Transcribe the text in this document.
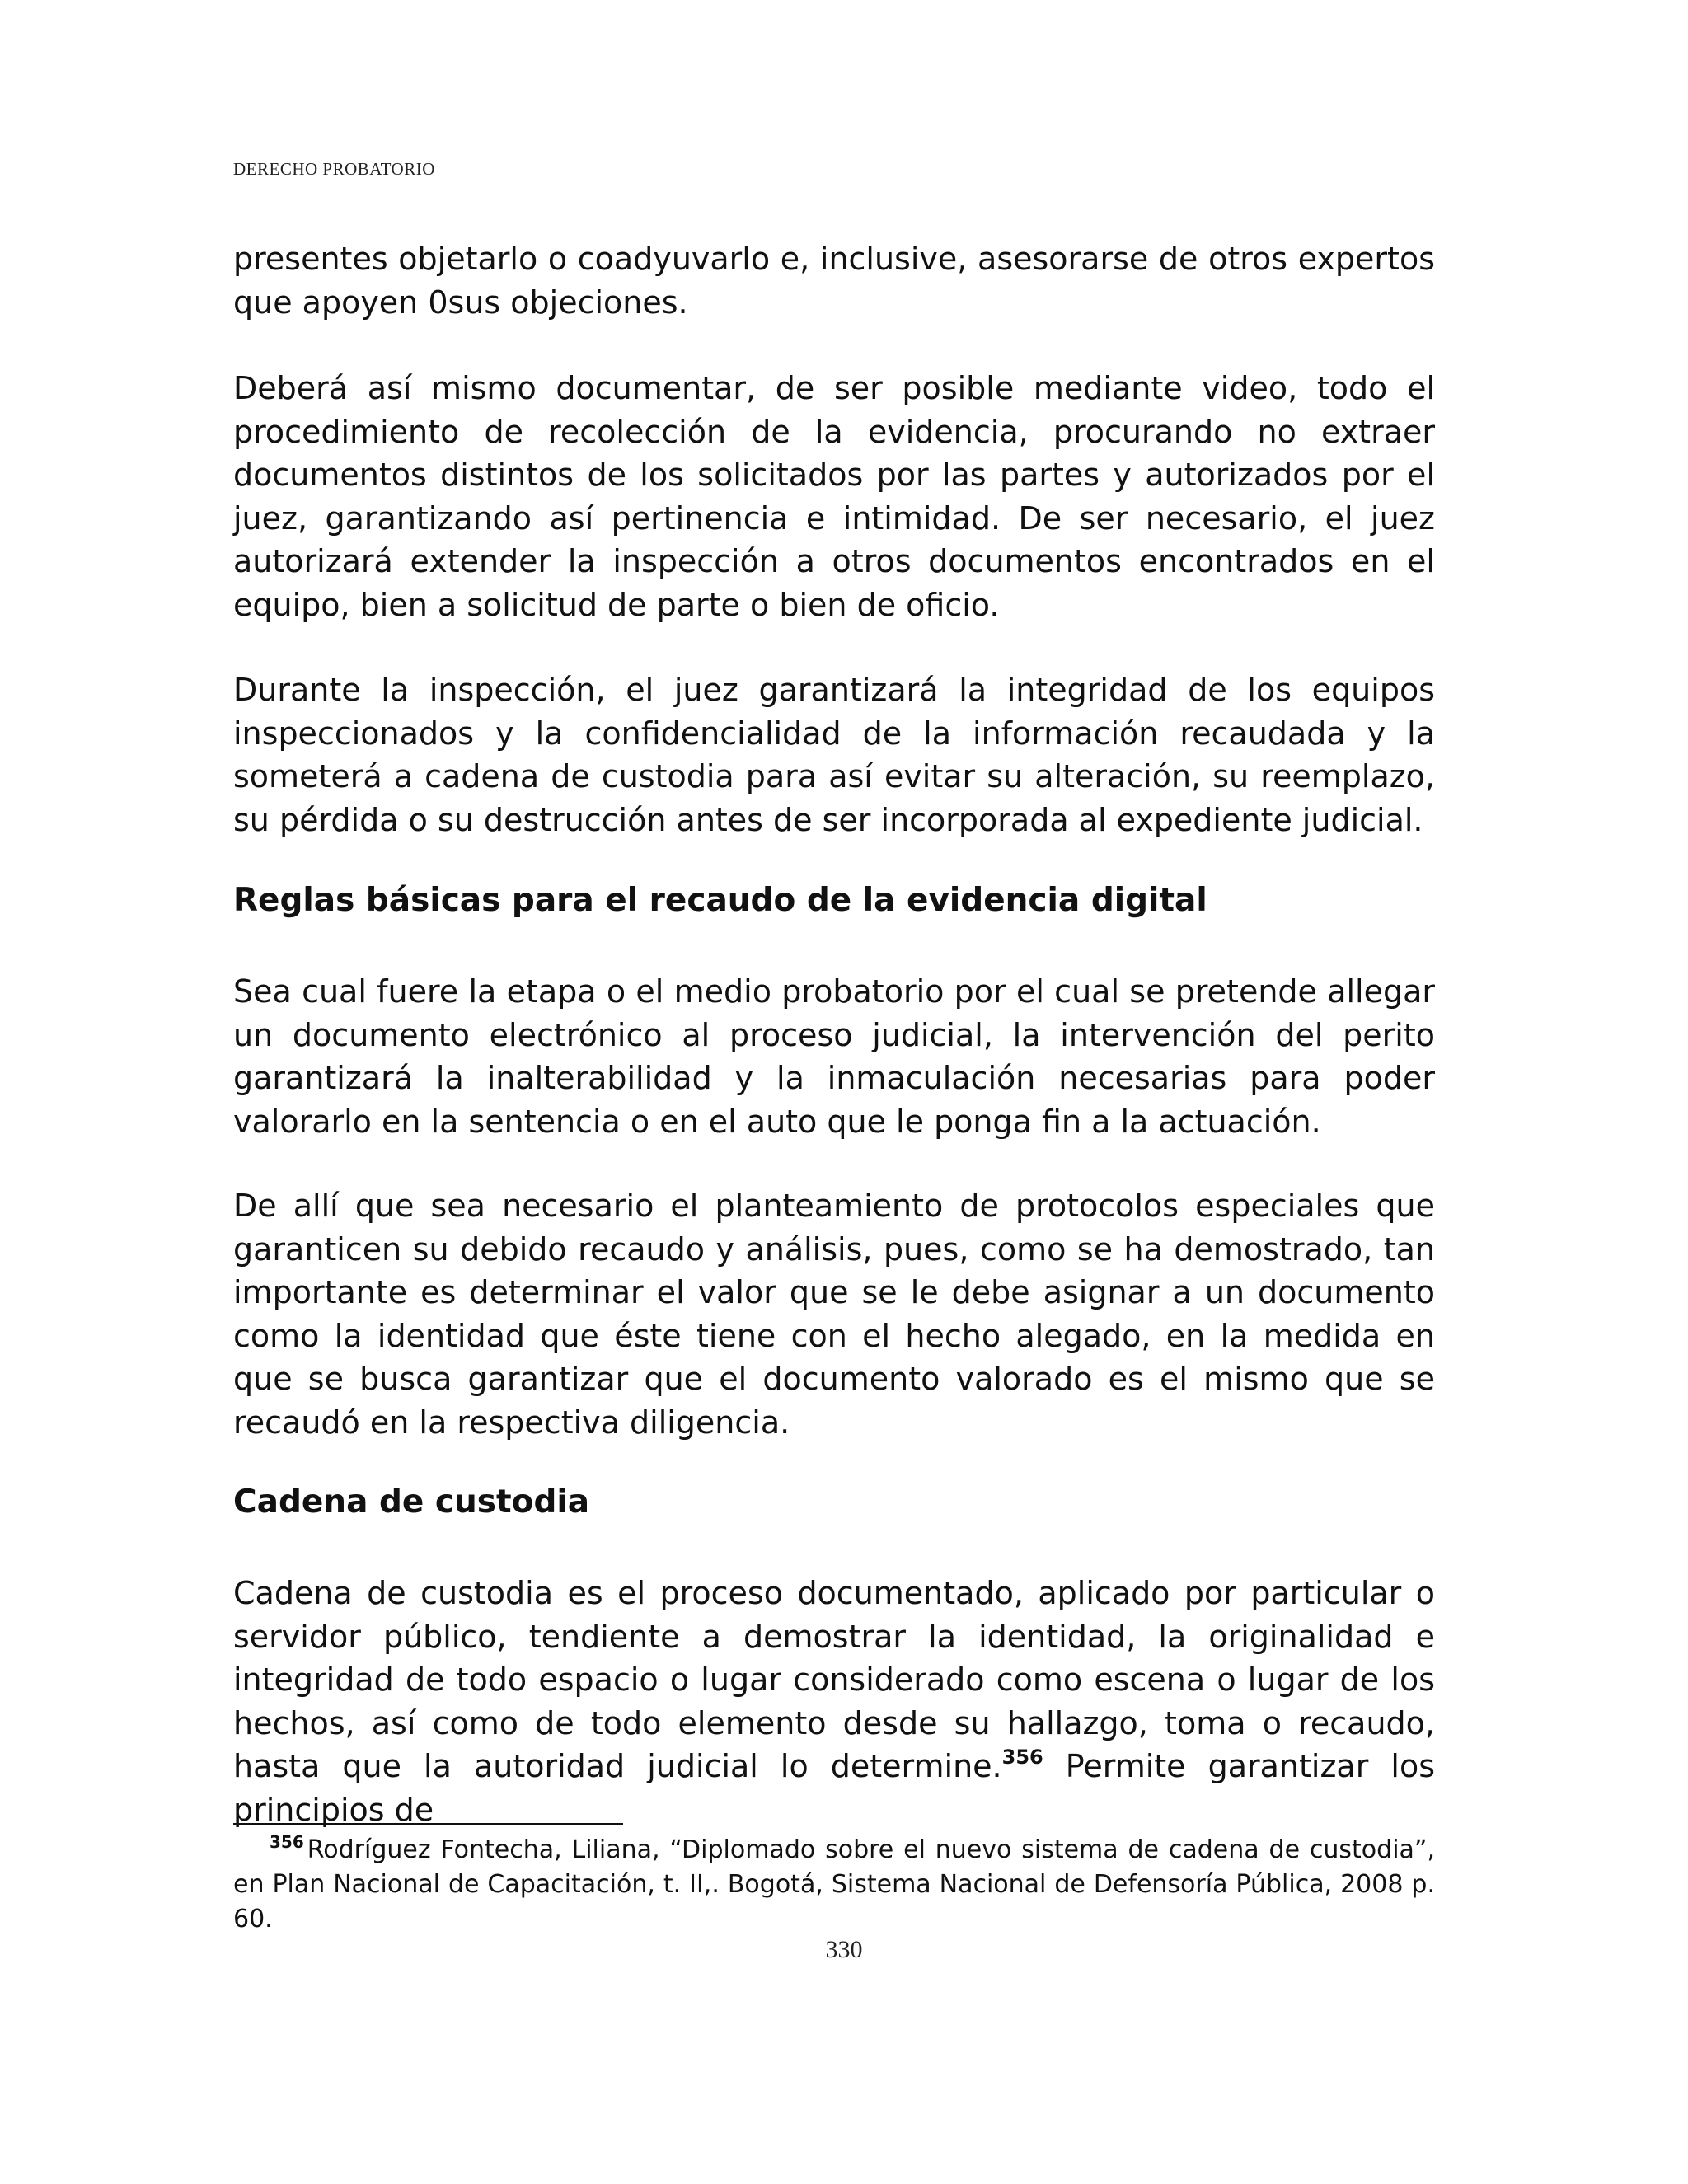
DERECHO PROBATORIO

presentes objetarlo o coadyuvarlo e, inclusive, asesorarse de otros expertos que apoyen 0sus objeciones.

Deberá así mismo documentar, de ser posible mediante video, todo el procedimiento de recolección de la evidencia, procurando no extraer documentos distintos de los solicitados por las partes y autorizados por el juez, garantizando así pertinencia e intimidad. De ser necesario, el juez autorizará extender la inspección a otros documentos encontrados en el equipo, bien a solicitud de parte o bien de oficio.

Durante la inspección, el juez garantizará la integridad de los equipos inspeccionados y la confidencialidad de la información recaudada y la someterá a cadena de custodia para así evitar su alteración, su reemplazo, su pérdida o su destrucción antes de ser incorporada al expediente judicial.

Reglas básicas para el recaudo de la evidencia digital

Sea cual fuere la etapa o el medio probatorio por el cual se pretende allegar un documento electrónico al proceso judicial, la intervención del perito garantizará la inalterabilidad y la inmaculación necesarias para poder valorarlo en la sentencia o en el auto que le ponga fin a la actuación.

De allí que sea necesario el planteamiento de protocolos especiales que garanticen su debido recaudo y análisis, pues, como se ha demostrado, tan importante es determinar el valor que se le debe asignar a un documento como la identidad que éste tiene con el hecho alegado, en la medida en que se busca garantizar que el documento valorado es el mismo que se recaudó en la respectiva diligencia.

Cadena de custodia

Cadena de custodia es el proceso documentado, aplicado por particular o servidor público, tendiente a demostrar la identidad, la originalidad e integridad de todo espacio o lugar considerado como escena o lugar de los hechos, así como de todo elemento desde su hallazgo, toma o recaudo, hasta que la autoridad judicial lo determine.$^{356}$ Permite garantizar los principios de

$^{356}$ Rodríguez Fontecha, Liliana, “Diplomado sobre el nuevo sistema de cadena de custodia”, en Plan Nacional de Capacitación, t. II,. Bogotá, Sistema Nacional de Defensoría Pública, 2008 p. 60.

330
